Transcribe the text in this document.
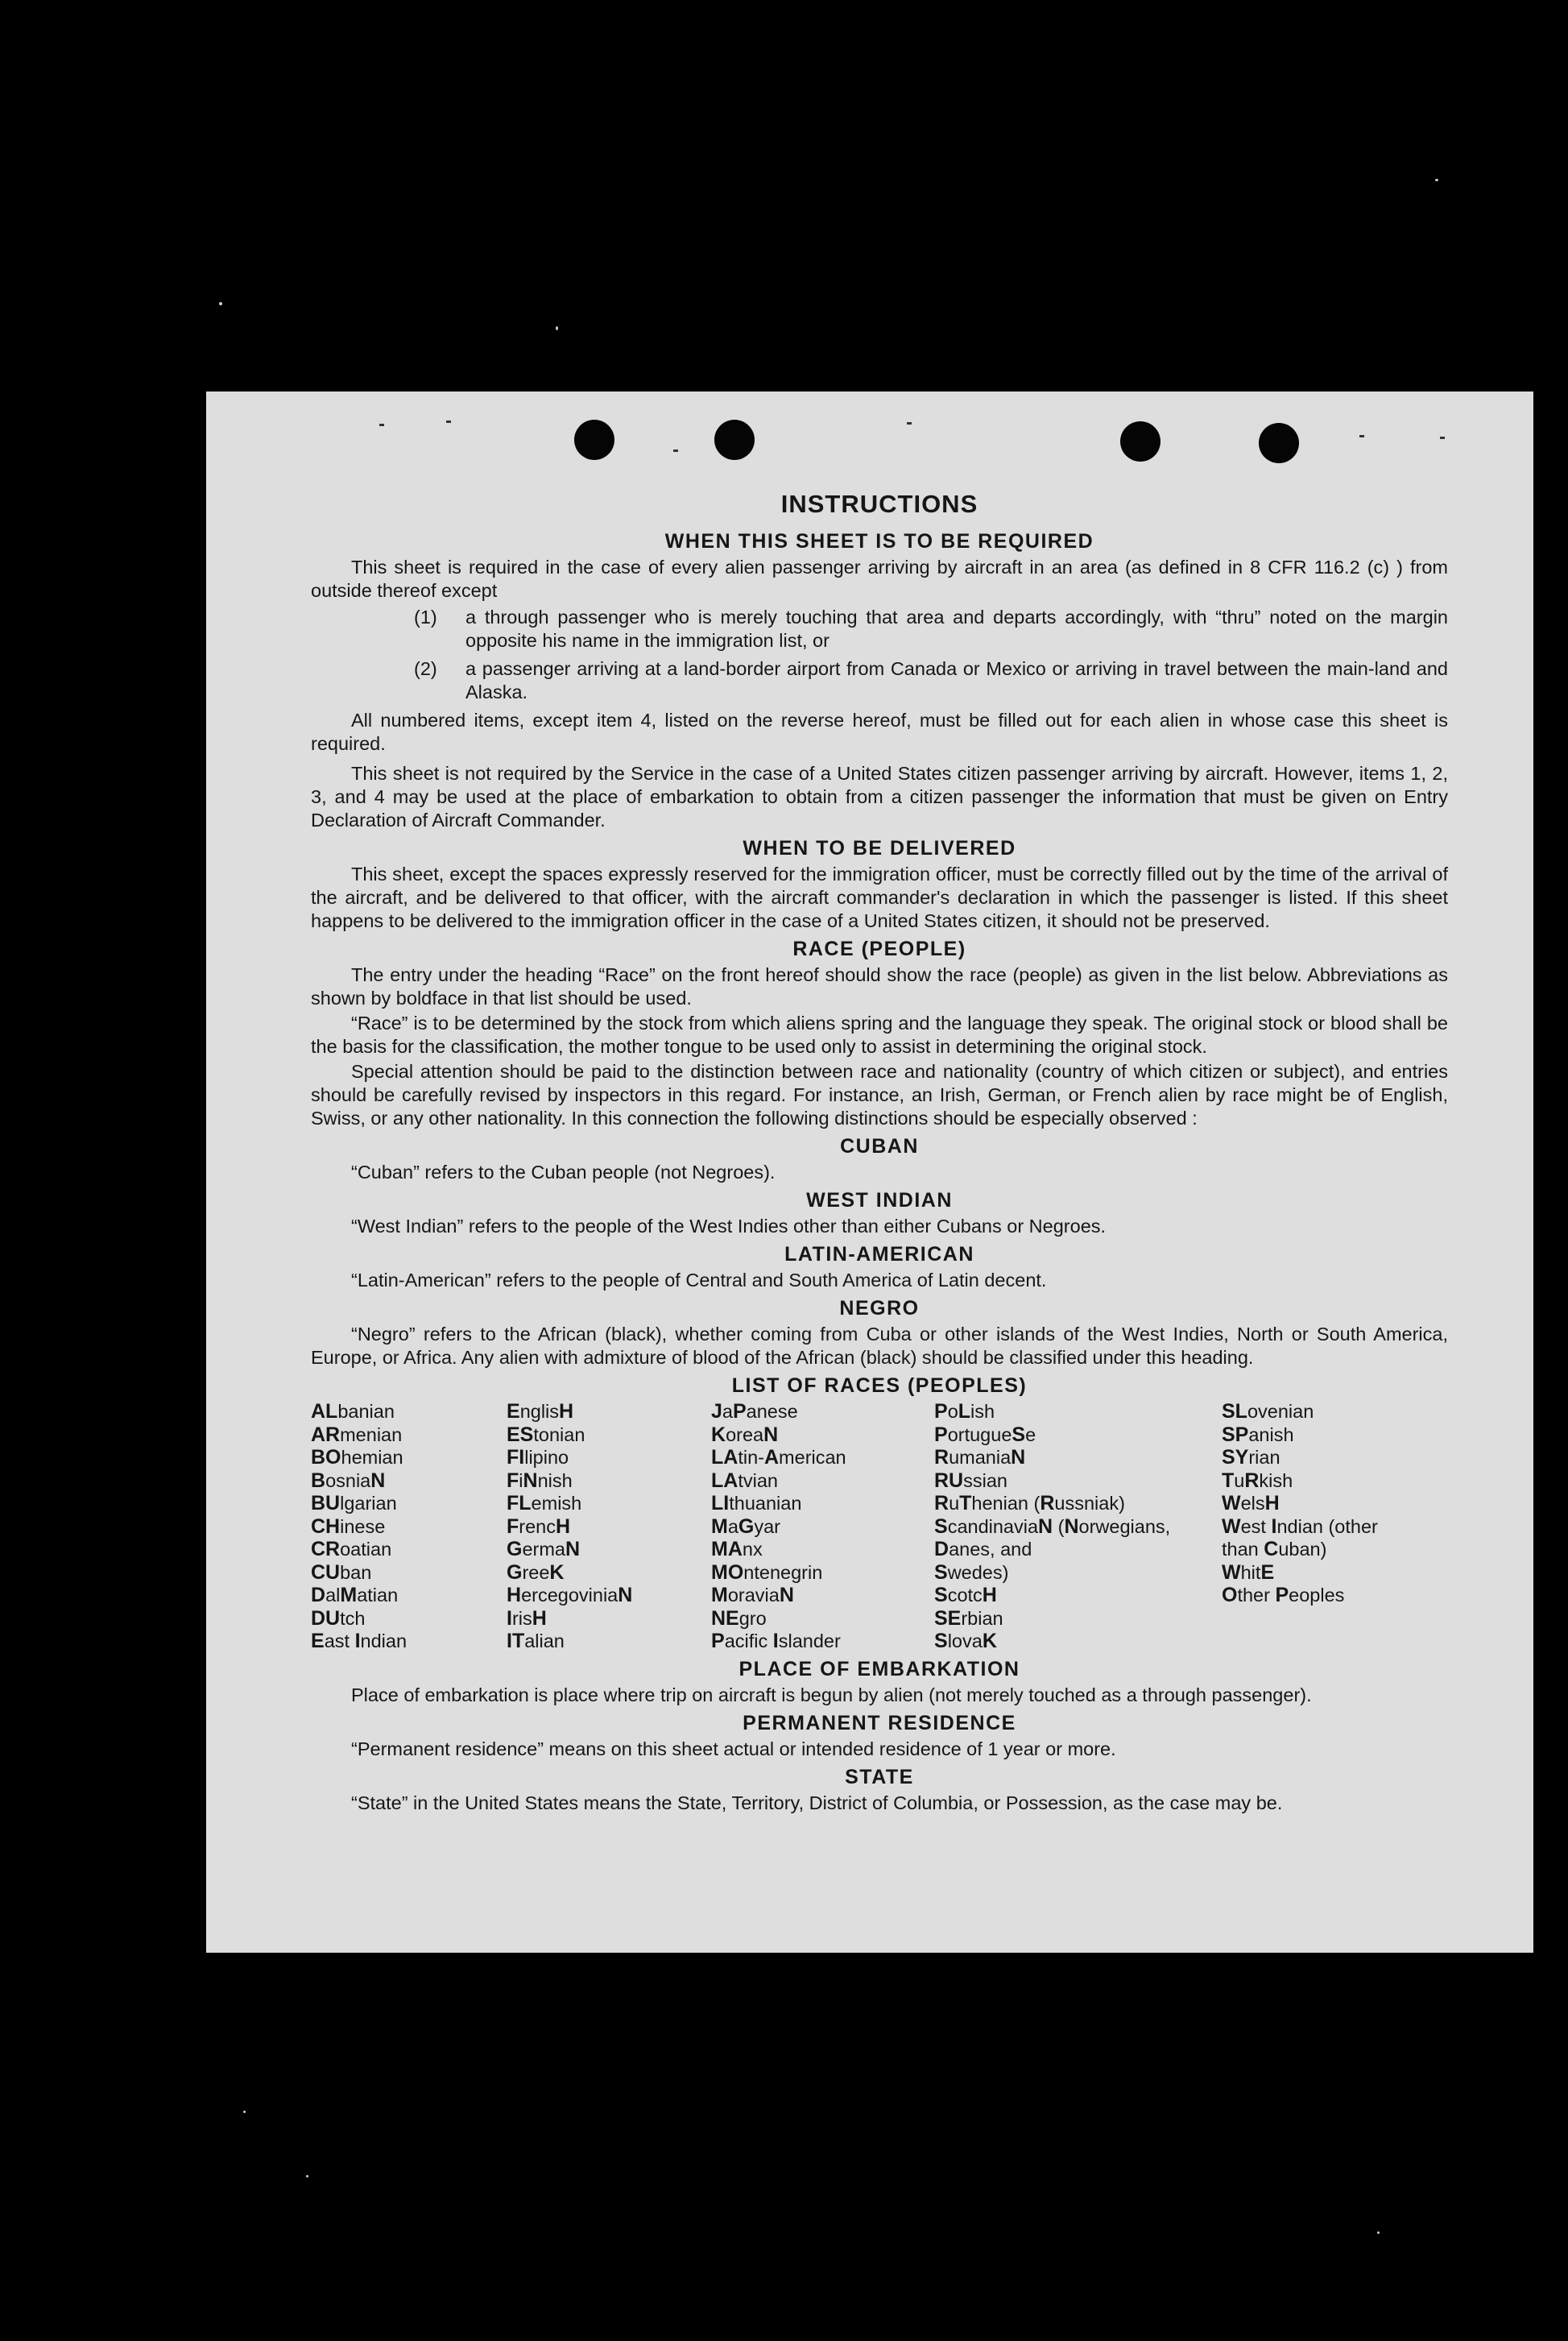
INSTRUCTIONS
WHEN THIS SHEET IS TO BE REQUIRED

This sheet is required in the case of every alien passenger arriving by aircraft in an area (as defined in 8 CFR 116.2 (c) ) from outside thereof except

(1)	a through passenger who is merely touching that area and departs accordingly, with “thru” noted on the margin opposite his name in the immigration list, or
(2)	a passenger arriving at a land-border airport from Canada or Mexico or arriving in travel between the main-land and Alaska.

All numbered items, except item 4, listed on the reverse hereof, must be filled out for each alien in whose case this sheet is required.

This sheet is not required by the Service in the case of a United States citizen passenger arriving by aircraft. However, items 1, 2, 3, and 4 may be used at the place of embarkation to obtain from a citizen passenger the information that must be given on Entry Declaration of Aircraft Commander.

WHEN TO BE DELIVERED

This sheet, except the spaces expressly reserved for the immigration officer, must be correctly filled out by the time of the arrival of the aircraft, and be delivered to that officer, with the aircraft commander's declaration in which the passenger is listed. If this sheet happens to be delivered to the immigration officer in the case of a United States citizen, it should not be preserved.

RACE (PEOPLE)

The entry under the heading “Race” on the front hereof should show the race (people) as given in the list below. Abbreviations as shown by boldface in that list should be used.

“Race” is to be determined by the stock from which aliens spring and the language they speak. The original stock or blood shall be the basis for the classification, the mother tongue to be used only to assist in determining the original stock.

Special attention should be paid to the distinction between race and nationality (country of which citizen or subject), and entries should be carefully revised by inspectors in this regard. For instance, an Irish, German, or French alien by race might be of English, Swiss, or any other nationality. In this connection the following distinctions should be especially observed :

CUBAN

“Cuban” refers to the Cuban people (not Negroes).

WEST INDIAN

“West Indian” refers to the people of the West Indies other than either Cubans or Negroes.

LATIN-AMERICAN

“Latin-American” refers to the people of Central and South America of Latin decent.

NEGRO

“Negro” refers to the African (black), whether coming from Cuba or other islands of the West Indies, North or South America, Europe, or Africa. Any alien with admixture of blood of the African (black) should be classified under this heading.

LIST OF RACES (PEOPLES)
ALbanian
ARmenian
BOhemian
BosniaN
BUlgarian
CHinese
CRoatian
CUban
DalMatian
DUtch
East Indian
EnglisH
EStonian
FIlipino
FiNnish
FLemish
FrencH
GermaN
GreeK
HercegoviniaN
IrisH
ITalian
JaPanese
KoreaN
LAtin-American
LAtvian
LIthuanian
MaGyar
MAnx
MOntenegrin
MoraviaN
NEgro
Pacific Islander
PoLish
PortugueSe
RumaniaN
RUssian
RuThenian (Russniak)
ScandinaviaN (Norwegians,
Danes, and
Swedes)
ScotcH
SErbian
SlovaK
SLovenian
SPanish
SYrian
TuRkish
WelsH
West Indian (other
than Cuban)
WhitE
Other Peoples
PLACE OF EMBARKATION

Place of embarkation is place where trip on aircraft is begun by alien (not merely touched as a through passenger).

PERMANENT RESIDENCE

“Permanent residence” means on this sheet actual or intended residence of 1 year or more.

STATE

“State” in the United States means the State, Territory, District of Columbia, or Possession, as the case may be.
